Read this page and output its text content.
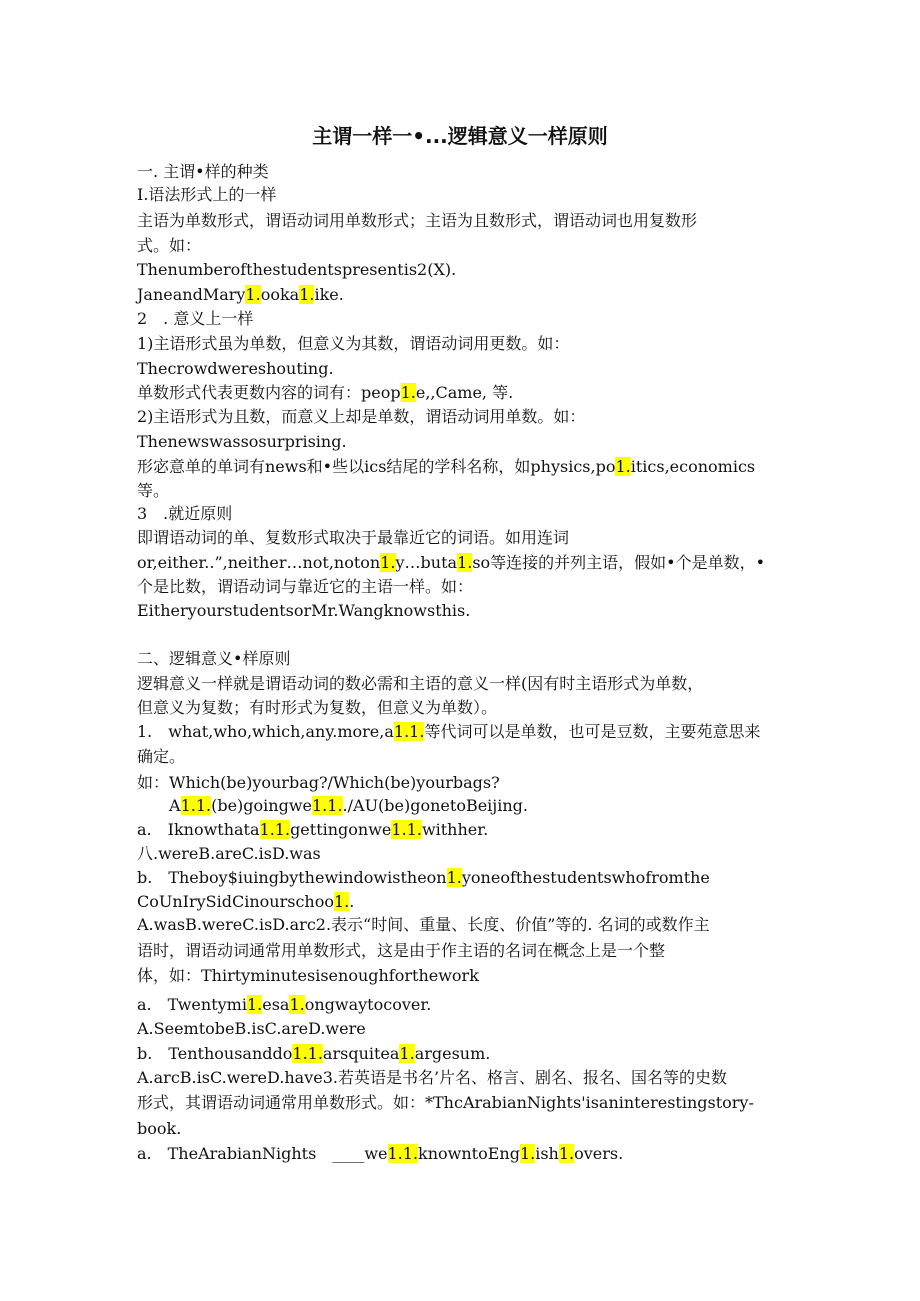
主谓一样一•...逻辑意义一样原则
一. 主谓•样的种类
I.语法形式上的一样
主语为单数形式，谓语动词用单数形式；主语为且数形式，谓语动词也用复数形
式。如：
Thenumberofthestudentspresentis2(X).
JaneandMary1.ooka1.ike.
2　. 意义上一样
1)主语形式虽为单数，但意义为其数，谓语动词用更数。如：
Thecrowdwereshouting.
单数形式代表更数内容的词有：peop1.e,,Came, 等.
2)主语形式为且数，而意义上却是单数，谓语动词用单数。如：
Thenewswassosurprising.
形宓意单的单词有news和•些以ics结尾的学科名称，如physics,po1.itics,economics
等。
3　.就近原则
即谓语动词的单、复数形式取决于最靠近它的词语。如用连词
or,either..”,neither…not,noton1.y…buta1.so等连接的并列主语，假如•个是单数，•
个是比数，谓语动词与靠近它的主语一样。如：
EitheryourstudentsorMr.Wangknowsthis.
二、逻辑意义•样原则
逻辑意义一样就是谓语动词的数必需和主语的意义一样(因有时主语形式为单数，
但意义为复数；有时形式为复数，但意义为单数）。
1.　what,who,which,any.more,a1.1.等代词可以是单数，也可是豆数，主要苑意思来
确定。
如：Which(be)yourbag?/Which(be)yourbags?
　　A1.1.(be)goingwe1.1../AU(be)gonetoBeijing.
a.　Iknowthata1.1.gettingonwe1.1.withher.
八.wereB.areC.isD.was
b.　Theboy$iuingbythewindowistheon1.yoneofthestudentswhofromthe
CoUnIrySidCinourschoo1..
A.wasB.wereC.isD.arc2.表示“时间、重量、长度、价值”等的. 名词的或数作主
语时，谓语动词通常用单数形式，这是由于作主语的名词在概念上是一个整
体，如：Thirtyminutesisenoughforthework
a.　Twentymi1.esa1.ongwaytocover.
A.SeemtobeB.isC.areD.were
b.　Tenthousanddo1.1.arsquitea1.argesum.
A.arcB.isC.wereD.have3.若英语是书名’片名、格言、剧名、报名、国名等的史数
形式，其谓语动词通常用单数形式。如：*ThcArabianNights'isaninterestingstory-
book.
a.　TheArabianNights　____we1.1.knowntoEng1.ish1.overs.
